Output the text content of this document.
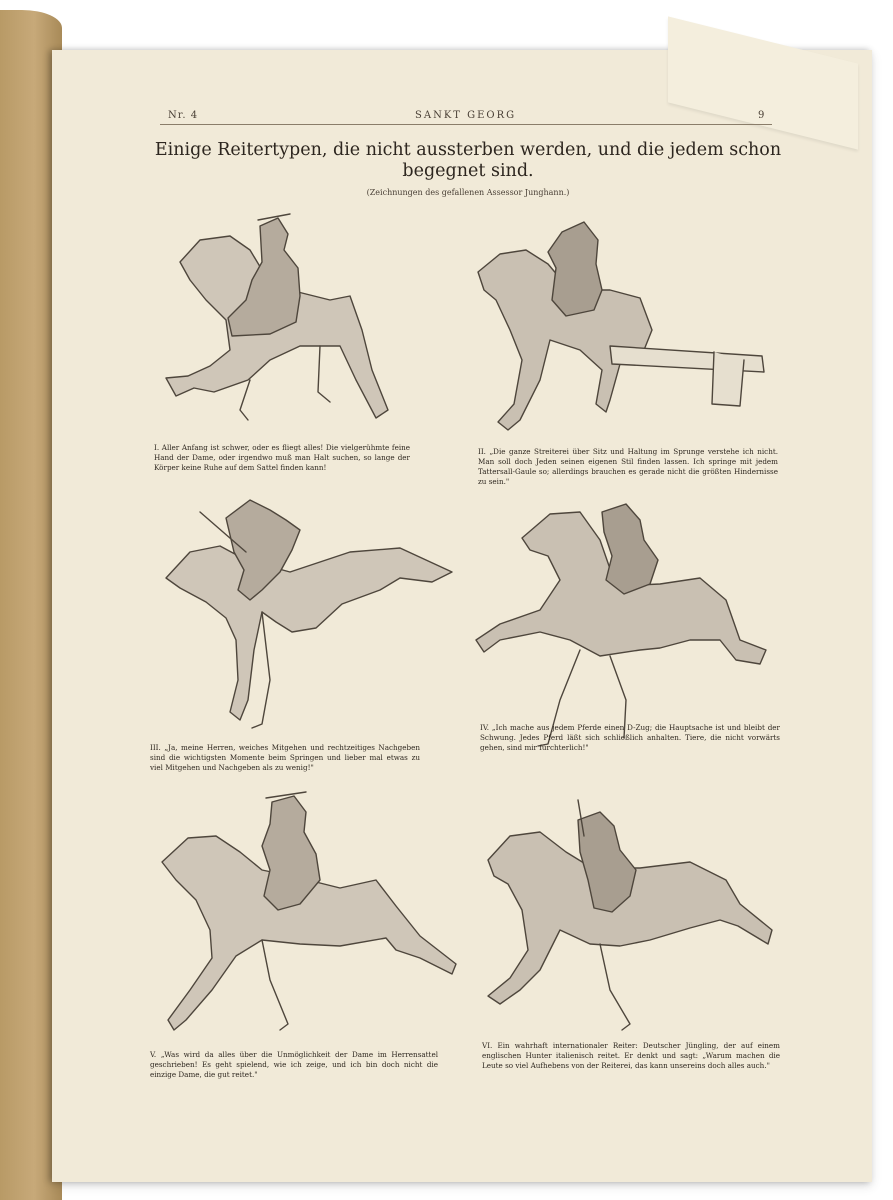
Nr. 4	SANKT GEORG	9
Einige Reitertypen, die nicht aussterben werden, und die jedem schon begegnet sind.
(Zeichnungen des gefallenen Assessor Junghann.)
I. Aller Anfang ist schwer, oder es fliegt alles! Die vielgerühmte feine Hand der Dame, oder irgendwo muß man Halt suchen, so lange der Körper keine Ruhe auf dem Sattel finden kann!
II. „Die ganze Streiterei über Sitz und Haltung im Sprunge verstehe ich nicht. Man soll doch Jeden seinen eigenen Stil finden lassen. Ich springe mit jedem Tattersall-Gaule so; allerdings brauchen es gerade nicht die größten Hindernisse zu sein."
III. „Ja, meine Herren, weiches Mitgehen und rechtzeitiges Nachgeben sind die wichtigsten Momente beim Springen und lieber mal etwas zu viel Mitgehen und Nachgeben als zu wenig!"
IV. „Ich mache aus jedem Pferde einen D-Zug; die Hauptsache ist und bleibt der Schwung. Jedes Pferd läßt sich schließlich anhalten. Tiere, die nicht vorwärts gehen, sind mir fürchterlich!"
V. „Was wird da alles über die Unmöglichkeit der Dame im Herrensattel geschrieben! Es geht spielend, wie ich zeige, und ich bin doch nicht die einzige Dame, die gut reitet."
VI. Ein wahrhaft internationaler Reiter: Deutscher Jüngling, der auf einem englischen Hunter italienisch reitet. Er denkt und sagt: „Warum machen die Leute so viel Aufhebens von der Reiterei, das kann unsereins doch alles auch."
